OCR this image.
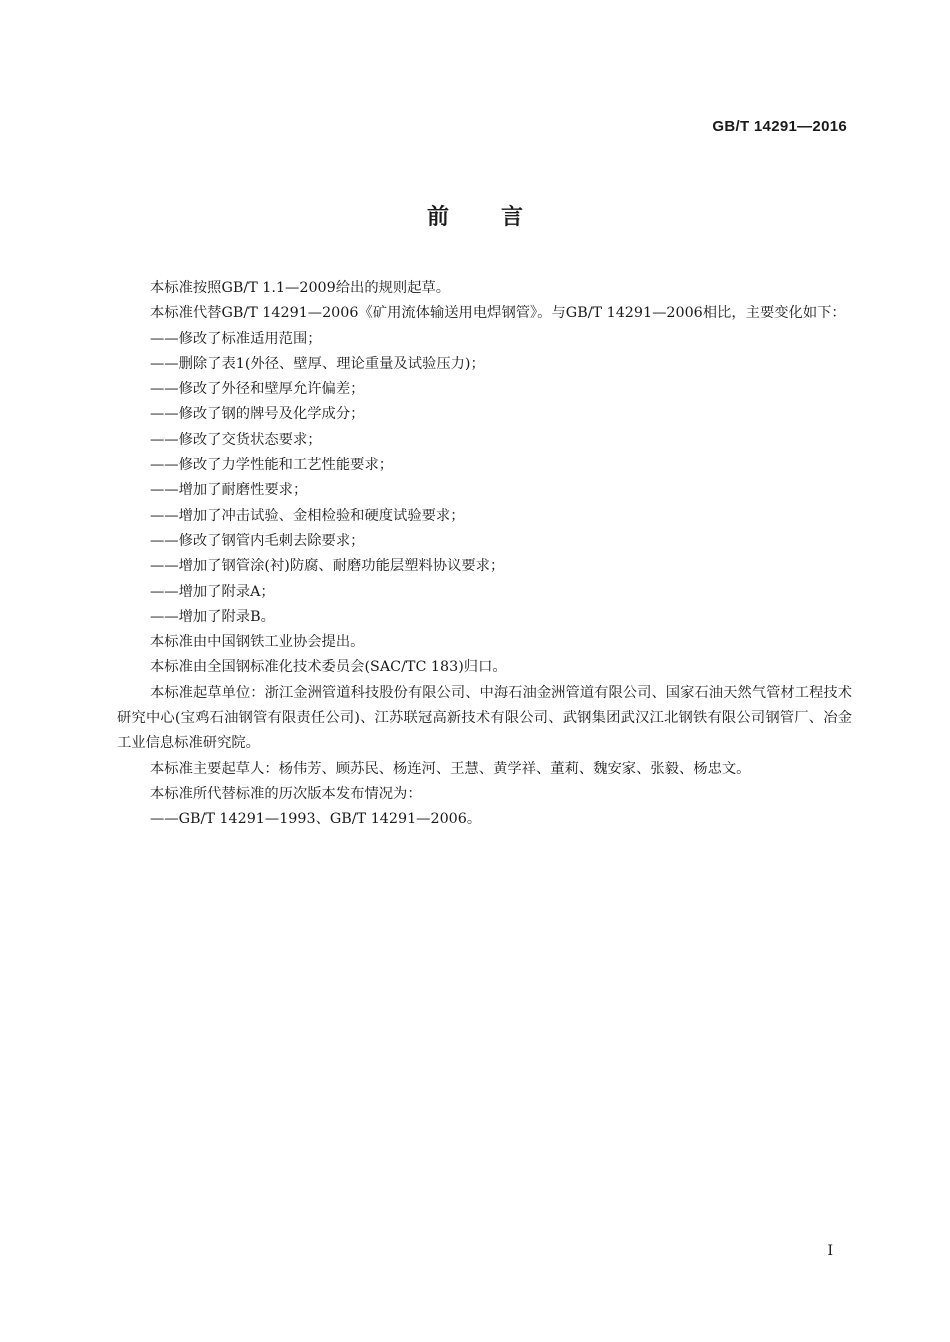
GB/T 14291—2016
前 言

本标准按照GB/T 1.1—2009给出的规则起草。

本标准代替GB/T 14291—2006《矿用流体输送用电焊钢管》。与GB/T 14291—2006相比，主要变化如下：

——修改了标准适用范围；

——删除了表1(外径、壁厚、理论重量及试验压力)；

——修改了外径和壁厚允许偏差；

——修改了钢的牌号及化学成分；

——修改了交货状态要求；

——修改了力学性能和工艺性能要求；

——增加了耐磨性要求；

——增加了冲击试验、金相检验和硬度试验要求；

——修改了钢管内毛刺去除要求；

——增加了钢管涂(衬)防腐、耐磨功能层塑料协议要求；

——增加了附录A；

——增加了附录B。

本标准由中国钢铁工业协会提出。

本标准由全国钢标准化技术委员会(SAC/TC 183)归口。

本标准起草单位：浙江金洲管道科技股份有限公司、中海石油金洲管道有限公司、国家石油天然气管材工程技术研究中心(宝鸡石油钢管有限责任公司)、江苏联冠高新技术有限公司、武钢集团武汉江北钢铁有限公司钢管厂、冶金工业信息标准研究院。

本标准主要起草人：杨伟芳、顾苏民、杨连河、王慧、黄学祥、董莉、魏安家、张毅、杨忠文。

本标准所代替标准的历次版本发布情况为：

——GB/T 14291—1993、GB/T 14291—2006。

I
